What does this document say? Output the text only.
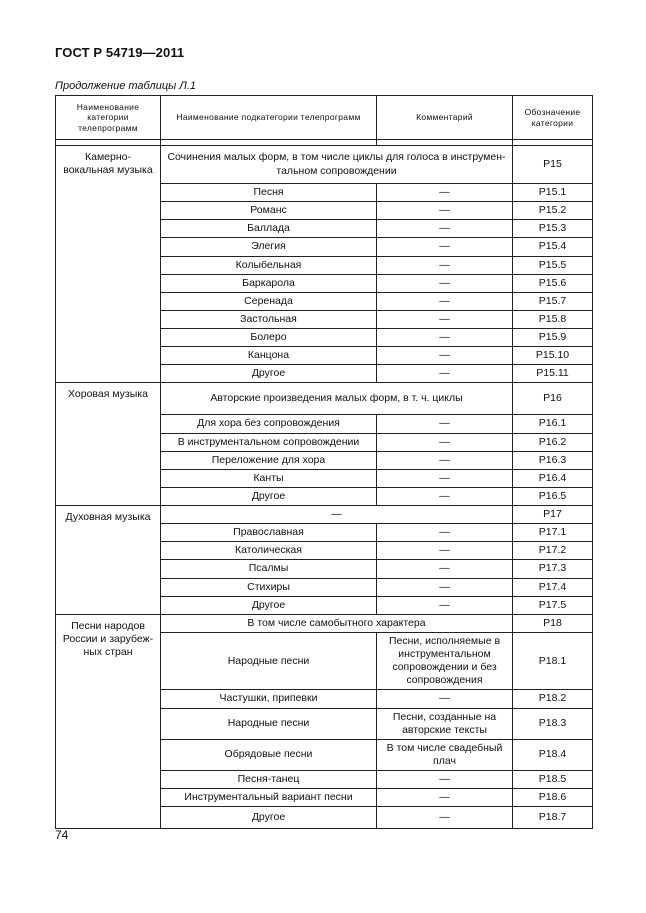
ГОСТ Р 54719—2011
Продолжение таблицы Л.1
Наименование категории телепрограмм	Наименование подкатегории телепрограмм	Комментарий	Обозначение категории

Камерно-вокальная музыка	Сочинения малых форм, в том числе циклы для голоса в инструмен-тальном сопровождении		Р15
	Песня	—	Р15.1
	Романс	—	Р15.2
	Баллада	—	Р15.3
	Элегия	—	Р15.4
	Колыбельная	—	Р15.5
	Баркарола	—	Р15.6
	Серенада	—	Р15.7
	Застольная	—	Р15.8
	Болеро	—	Р15.9
	Канцона	—	Р15.10
	Другое	—	Р15.11
Хоровая музыка	Авторские произведения малых форм, в т. ч. циклы		Р16
	Для хора без сопровождения	—	Р16.1
	В инструментальном сопровождении	—	Р16.2
	Переложение для хора	—	Р16.3
	Канты	—	Р16.4
	Другое	—	Р16.5
Духовная музыка	—		Р17
	Православная	—	Р17.1
	Католическая	—	Р17.2
	Псалмы	—	Р17.3
	Стихиры	—	Р17.4
	Другое	—	Р17.5
Песни народов России и зарубеж-ных стран	В том числе самобытного характера		Р18
	Народные песни	Песни, исполняемые в инструментальном сопровождении и без сопровождения	Р18.1
	Частушки, припевки	—	Р18.2
	Народные песни	Песни, созданные на авторские тексты	Р18.3
	Обрядовые песни	В том числе свадебный плач	Р18.4
	Песня-танец	—	Р18.5
	Инструментальный вариант песни	—	Р18.6
	Другое	—	Р18.7
74
